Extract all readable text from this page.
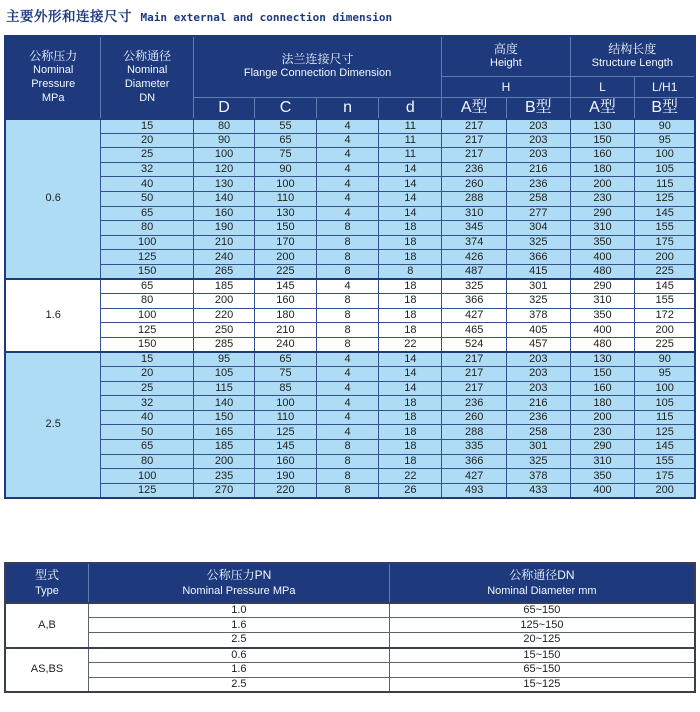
主要外形和连接尺寸 Main external and connection dimension
公称压力
Nominal
Pressure
MPa	公称通径
Nominal
Diameter
DN	法兰连接尺寸
Flange Connection Dimension				高度
Height		结构长度
Structure Length	

						H		L	L/H1
		D	C	n	d	A型	B型	A型	B型
0.6	15	80	55	4	11	217	203	130	90
	20	90	65	4	11	217	203	150	95
	25	100	75	4	11	217	203	160	100
	32	120	90	4	14	236	216	180	105
	40	130	100	4	14	260	236	200	115
	50	140	110	4	14	288	258	230	125
	65	160	130	4	14	310	277	290	145
	80	190	150	8	18	345	304	310	155
	100	210	170	8	18	374	325	350	175
	125	240	200	8	18	426	366	400	200
	150	265	225	8	8	487	415	480	225
1.6	65	185	145	4	18	325	301	290	145
	80	200	160	8	18	366	325	310	155
	100	220	180	8	18	427	378	350	172
	125	250	210	8	18	465	405	400	200
	150	285	240	8	22	524	457	480	225
2.5	15	95	65	4	14	217	203	130	90
	20	105	75	4	14	217	203	150	95
	25	115	85	4	14	217	203	160	100
	32	140	100	4	18	236	216	180	105
	40	150	110	4	18	260	236	200	115
	50	165	125	4	18	288	258	230	125
	65	185	145	8	18	335	301	290	145
	80	200	160	8	18	366	325	310	155
	100	235	190	8	22	427	378	350	175
	125	270	220	8	26	493	433	400	200
型式
Type	公称压力PN
Nominal Pressure MPa	公称通径DN
Nominal Diameter mm

A,B	1.0	65~150
	1.6	125~150
	2.5	20~125
AS,BS	0.6	15~150
	1.6	65~150
	2.5	15~125
